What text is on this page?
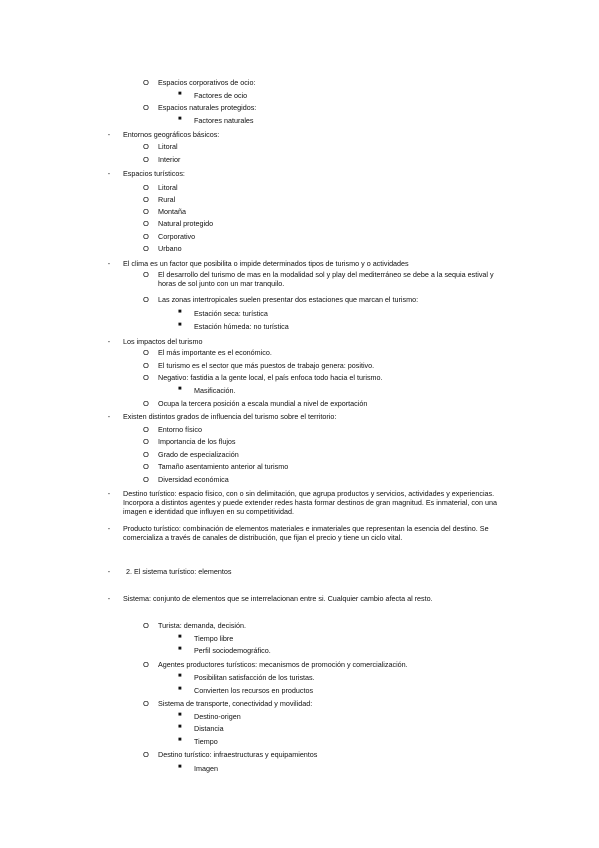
O Espacios corporativos de ocio:
■ Factores de ocio
O Espacios naturales protegidos:
■ Factores naturales
- Entornos geográficos básicos:
O Litoral
O Interior
- Espacios turísticos:
O Litoral
O Rural
O Montaña
O Natural protegido
O Corporativo
O Urbano
- El clima es un factor que posibilita o impide determinados tipos de turismo y o actividades
O El desarrollo del turismo de mas en la modalidad sol y play del mediterráneo se debe a la sequia estival y horas de sol junto con un mar tranquilo.
O Las zonas intertropicales suelen presentar dos estaciones que marcan el turismo:
■ Estación seca: turística
■ Estación húmeda: no turística
- Los impactos del turismo
O El más importante es el económico.
O El turismo es el sector que más puestos de trabajo genera: positivo.
O Negativo: fastidia a la gente local, el país enfoca todo hacia el turismo.
■ Masificación.
O Ocupa la tercera posición a escala mundial a nivel de exportación
- Existen distintos grados de influencia del turismo sobre el territorio:
O Entorno físico
O Importancia de los flujos
O Grado de especialización
O Tamaño asentamiento anterior al turismo
O Diversidad económica
- Destino turístico: espacio físico, con o sin delimitación, que agrupa productos y servicios, actividades y experiencias. Incorpora a distintos agentes y puede extender redes hasta formar destinos de gran magnitud. Es inmaterial, con una imagen e identidad que influyen en su competitividad.
- Producto turístico: combinación de elementos materiales e inmateriales que representan la esencia del destino. Se comercializa a través de canales de distribución, que fijan el precio y tiene un ciclo vital.
- 2. El sistema turístico: elementos
- Sistema: conjunto de elementos que se interrelacionan entre si. Cualquier cambio afecta al resto.
O Turista: demanda, decisión.
■ Tiempo libre
■ Perfil sociodemográfico.
O Agentes productores turísticos: mecanismos de promoción y comercialización.
■ Posibilitan satisfacción de los turistas.
■ Convierten los recursos en productos
O Sistema de transporte, conectividad y movilidad:
■ Destino-origen
■ Distancia
■ Tiempo
O Destino turístico: infraestructuras y equipamientos
■ Imagen
